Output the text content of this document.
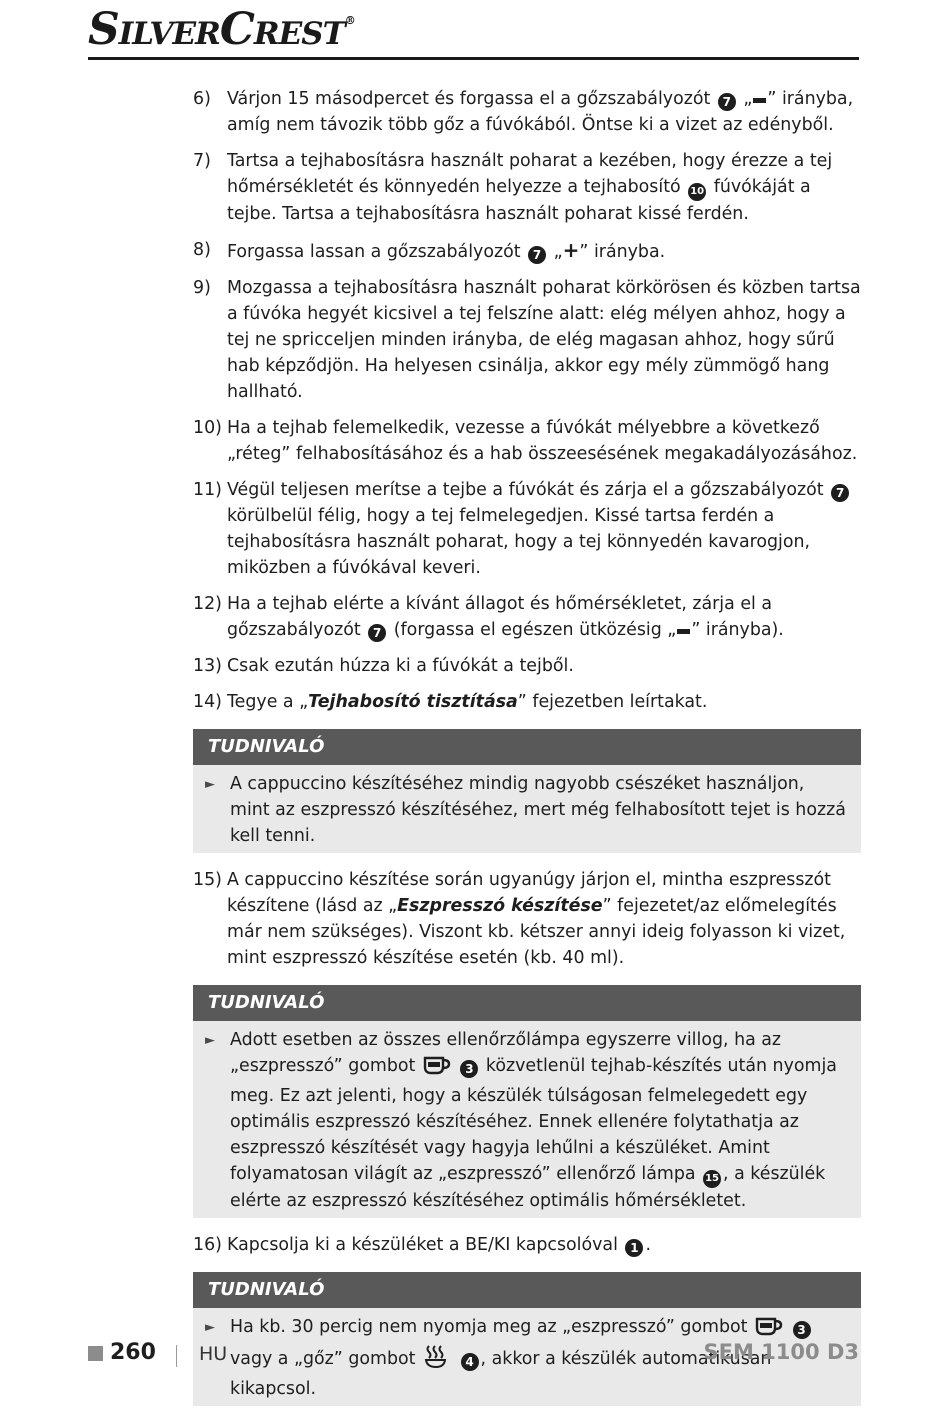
SILVERCREST®
6) Várjon 15 másodpercet és forgassa el a gőzszabályozót 7 „ ” irányba, amíg nem távozik több gőz a fúvókából. Öntse ki a vizet az edényből.
7) Tartsa a tejhabosításra használt poharat a kezében, hogy érezze a tej hőmérsékletét és könnyedén helyezze a tejhabosító 10 fúvókáját a tejbe. Tartsa a tejhabosításra használt poharat kissé ferdén.
8) Forgassa lassan a gőzszabályozót 7 „+” irányba.
9) Mozgassa a tejhabosításra használt poharat körkörösen és közben tartsa a fúvóka hegyét kicsivel a tej felszíne alatt: elég mélyen ahhoz, hogy a tej ne spricceljen minden irányba, de elég magasan ahhoz, hogy sűrű hab képződjön. Ha helyesen csinálja, akkor egy mély zümmögő hang hallható.
10) Ha a tejhab felemelkedik, vezesse a fúvókát mélyebbre a következő „réteg” felhabosításához és a hab összeesésének megakadályozásához.
11) Végül teljesen merítse a tejbe a fúvókát és zárja el a gőzszabályozót 7 körülbelül félig, hogy a tej felmelegedjen. Kissé tartsa ferdén a tejhabosításra használt poharat, hogy a tej könnyedén kavarogjon, miközben a fúvókával keveri.
12) Ha a tejhab elérte a kívánt állagot és hőmérsékletet, zárja el a gőzszabályozót 7 (forgassa el egészen ütközésig „ ” irányba).
13) Csak ezután húzza ki a fúvókát a tejből.
14) Tegye a „Tejhabosító tisztítása” fejezetben leírtakat.
TUDNIVALÓ
► A cappuccino készítéséhez mindig nagyobb csészéket használjon, mint az eszpresszó készítéséhez, mert még felhabosított tejet is hozzá kell tenni.
15) A cappuccino készítése során ugyanúgy járjon el, mintha eszpresszót készítene (lásd az „Eszpresszó készítése” fejezetet/az előmelegítés már nem szükséges). Viszont kb. kétszer annyi ideig folyasson ki vizet, mint eszpresszó készítése esetén (kb. 40 ml).
TUDNIVALÓ
► Adott esetben az összes ellenőrzőlámpa egyszerre villog, ha az „eszpresszó” gombot	3 közvetlenül tejhab-készítés után nyomja meg. Ez azt jelenti, hogy a készülék túlságosan felmelegedett egy optimális eszpresszó készítéséhez. Ennek ellenére folytathatja az eszpresszó készítését vagy hagyja lehűlni a készüléket. Amint folyamatosan világít az „eszpresszó” ellenőrző lámpa 15 , a készülék elérte az eszpresszó készítéséhez optimális hőmérsékletet.
16) Kapcsolja ki a készüléket a BE/KI kapcsolóval 1 .
TUDNIVALÓ
► Ha kb. 30 percig nem nyomja meg az „eszpresszó” gombot	3 vagy a „gőz” gombot	4 , akkor a készülék automatikusan kikapcsol.
260 HU	SEM 1100 D3
